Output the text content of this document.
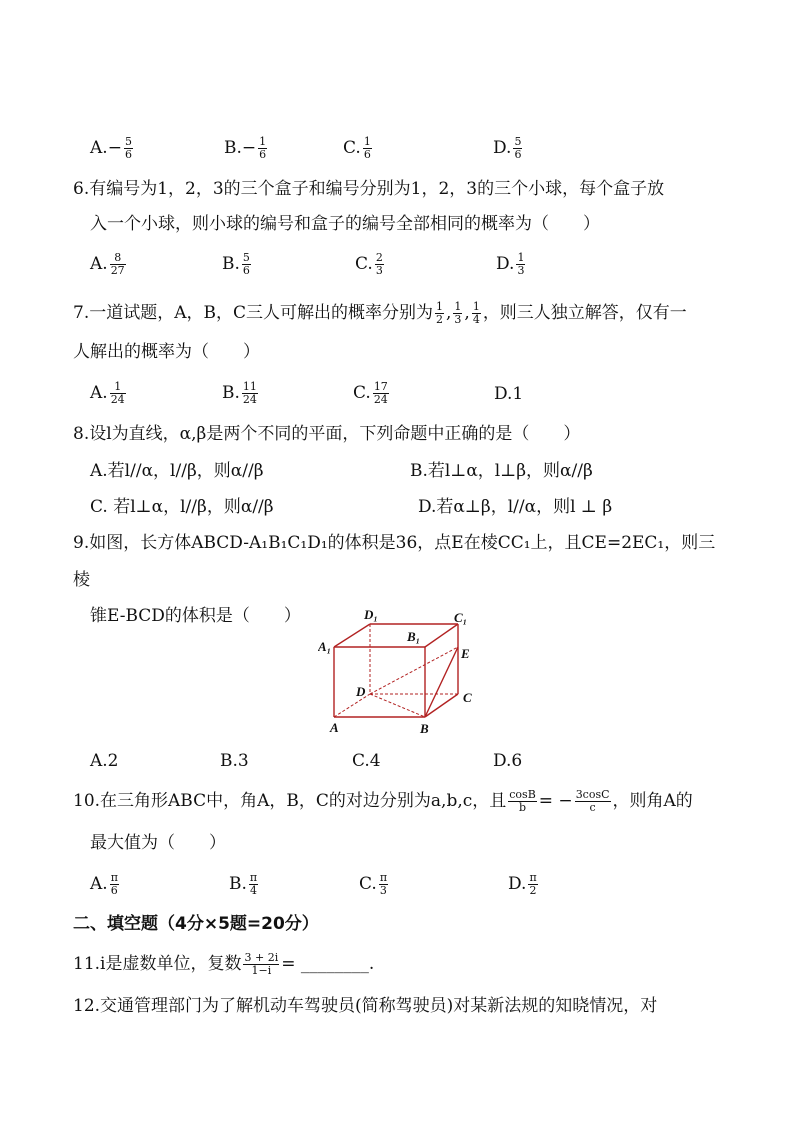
$A.- \frac{5}{6}$	$B.- \frac{1}{6}$	C. $\frac{1}{6}$	D. $\frac{5}{6}$
6.有编号为1，2，3的三个盒子和编号分别为1，2，3的三个小球，每个盒子放
入一个小球，则小球的编号和盒子的编号全部相同的概率为（　　）
A. $\frac{8}{27}$	B. $\frac{5}{6}$	C. $\frac{2}{3}$	D. $\frac{1}{3}$
7.一道试题，A，B，C三人可解出的概率分别为 $\frac{1}{2}$ , $\frac{1}{3}$ , $\frac{1}{4}$ ，则三人独立解答，仅有一
人解出的概率为（　　）
A. $\frac{1}{24}$	B. $\frac{11}{24}$	C. $\frac{17}{24}$	D.1
8.设l为直线，α,β是两个不同的平面，下列命题中正确的是（　　）
A.若l//α，l//β，则α//β	B.若l⊥α，l⊥β，则α//β
C. 若l⊥α，l//β，则α//β	D.若α⊥β，l//α，则l ⊥ β
9.如图，长方体ABCD-A₁B₁C₁D₁的体积是36，点E在棱CC₁上，且CE=2EC₁，则三
棱
锥E-BCD的体积是（　　）	D₁	C₁
B₁
A₁	E
D	C
A	B
A.2	B.3	C.4	D.6
10.在三角形ABC中，角A，B，C的对边分别为a,b,c，且 $\frac{\cos B}{b}$ = − $\frac{3\cos C}{c}$ ，则角A的
最大值为（　　）
A. $\frac{\pi}{6}$	B. $\frac{\pi}{4}$	C. $\frac{\pi}{3}$	D. $\frac{\pi}{2}$
二、填空题（4分×5题=20分）
11.i是虚数单位，复数 $\frac{3 + 2i}{1-i}$ = ________.
12.交通管理部门为了解机动车驾驶员(简称驾驶员)对某新法规的知晓情况，对
